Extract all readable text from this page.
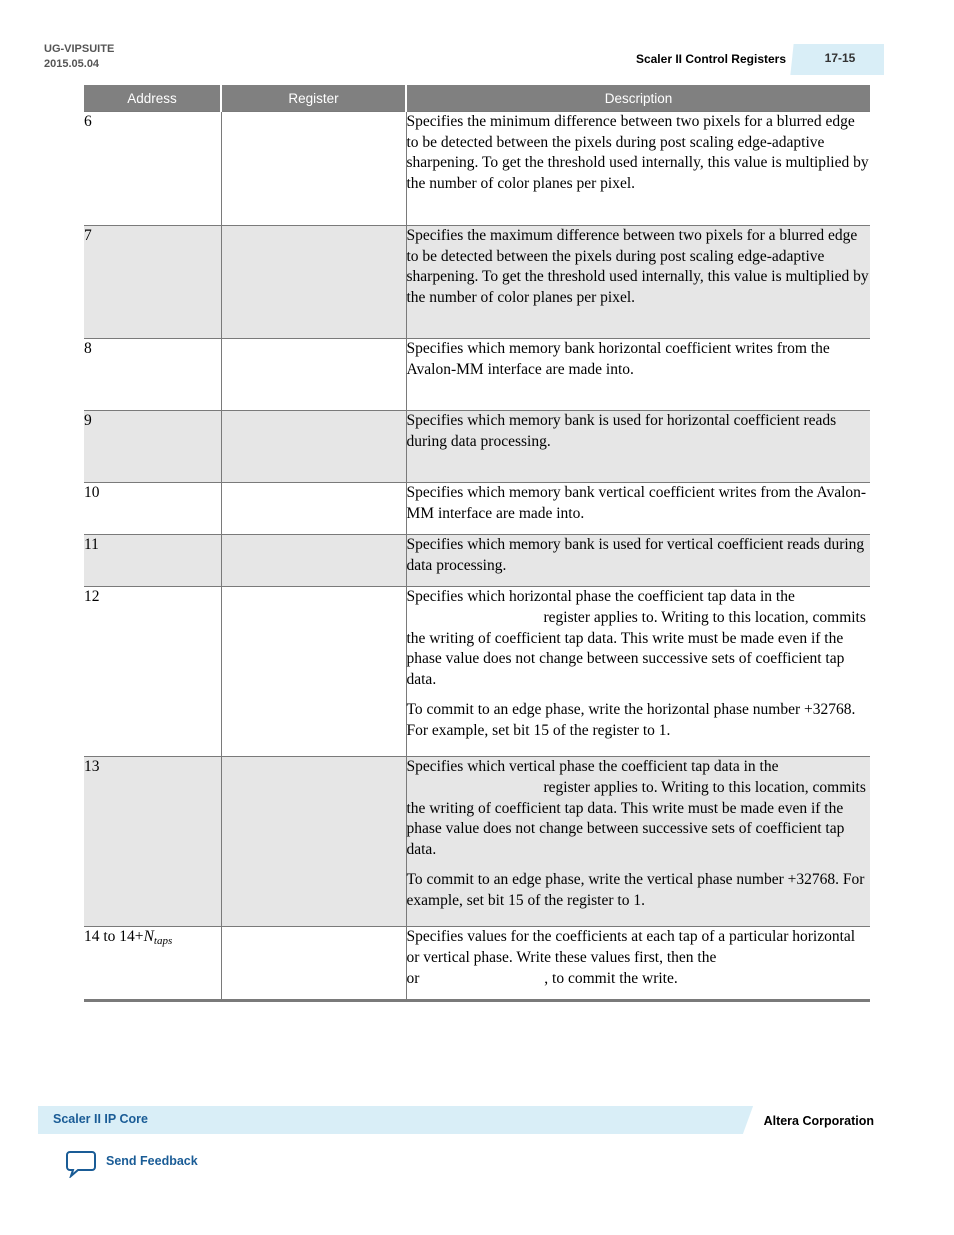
UG-VIPSUITE
2015.05.04	Scaler II Control Registers	17-15
Address	Register	Description
6		Specifies the minimum difference between two pixels for a blurred edge to be detected between the pixels during post scaling edge-adaptive sharpening. To get the threshold used internally, this value is multiplied by the number of color planes per pixel.

7		Specifies the maximum difference between two pixels for a blurred edge to be detected between the pixels during post scaling edge-adaptive sharpening. To get the threshold used internally, this value is multiplied by the number of color planes per pixel.

8		Specifies which memory bank horizontal coefficient writes from the Avalon-MM interface are made into.

9		Specifies which memory bank is used for horizontal coefficient reads during data processing.

10		Specifies which memory bank vertical coefficient writes from the Avalon-MM interface are made into.

11		Specifies which memory bank is used for vertical coefficient reads during data processing.

12		Specifies which horizontal phase the coefficient tap data in the register applies to. Writing to this location, commits the writing of coefficient tap data. This write must be made even if the phase value does not change between successive sets of coefficient tap data.

To commit to an edge phase, write the horizontal phase number +32768. For example, set bit 15 of the register to 1.

13		Specifies which vertical phase the coefficient tap data in the register applies to. Writing to this location, commits the writing of coefficient tap data. This write must be made even if the phase value does not change between successive sets of coefficient tap data.

To commit to an edge phase, write the vertical phase number +32768. For example, set bit 15 of the register to 1.

14 to $14+N_{taps}$		Specifies values for the coefficients at each tap of a particular horizontal or vertical phase. Write these values first, then the or , to commit the write.

Scaler II IP Core	Altera Corporation
Send Feedback
